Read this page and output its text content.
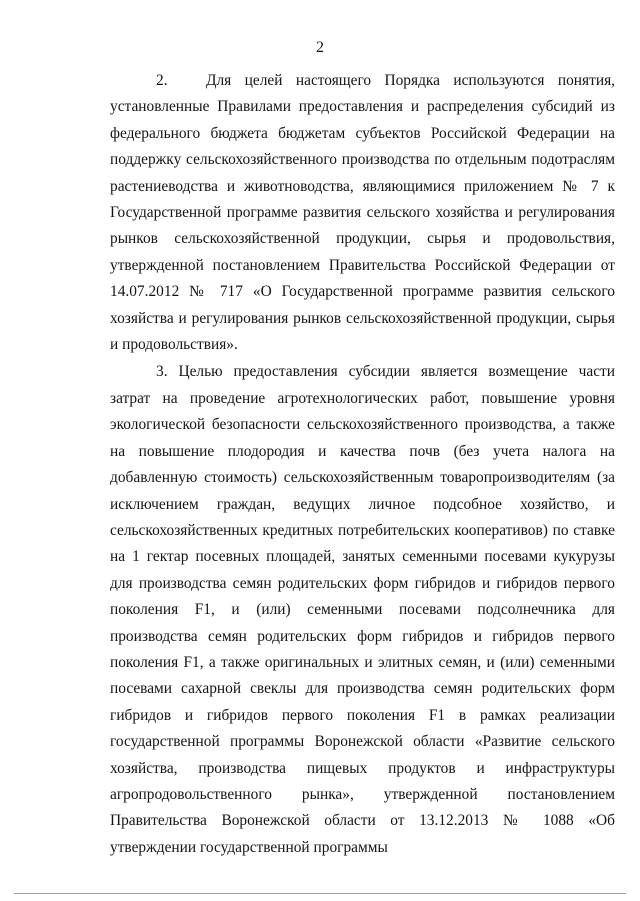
2

2. Для целей настоящего Порядка используются понятия, установленные Правилами предоставления и распределения субсидий из федерального бюджета бюджетам субъектов Российской Федерации на поддержку сельскохозяйственного производства по отдельным подотраслям растениеводства и животноводства, являющимися приложением № 7 к Государственной программе развития сельского хозяйства и регулирования рынков сельскохозяйственной продукции, сырья и продовольствия, утвержденной постановлением Правительства Российской Федерации от 14.07.2012 № 717 «О Государственной программе развития сельского хозяйства и регулирования рынков сельскохозяйственной продукции, сырья и продовольствия».

3. Целью предоставления субсидии является возмещение части затрат на проведение агротехнологических работ, повышение уровня экологической безопасности сельскохозяйственного производства, а также на повышение плодородия и качества почв (без учета налога на добавленную стоимость) сельскохозяйственным товаропроизводителям (за исключением граждан, ведущих личное подсобное хозяйство, и сельскохозяйственных кредитных потребительских кооперативов) по ставке на 1 гектар посевных площадей, занятых семенными посевами кукурузы для производства семян родительских форм гибридов и гибридов первого поколения F1, и (или) семенными посевами подсолнечника для производства семян родительских форм гибридов и гибридов первого поколения F1, а также оригинальных и элитных семян, и (или) семенными посевами сахарной свеклы для производства семян родительских форм гибридов и гибридов первого поколения F1 в рамках реализации государственной программы Воронежской области «Развитие сельского хозяйства, производства пищевых продуктов и инфраструктуры агропродовольственного рынка», утвержденной постановлением Правительства Воронежской области от 13.12.2013 № 1088 «Об утверждении государственной программы
